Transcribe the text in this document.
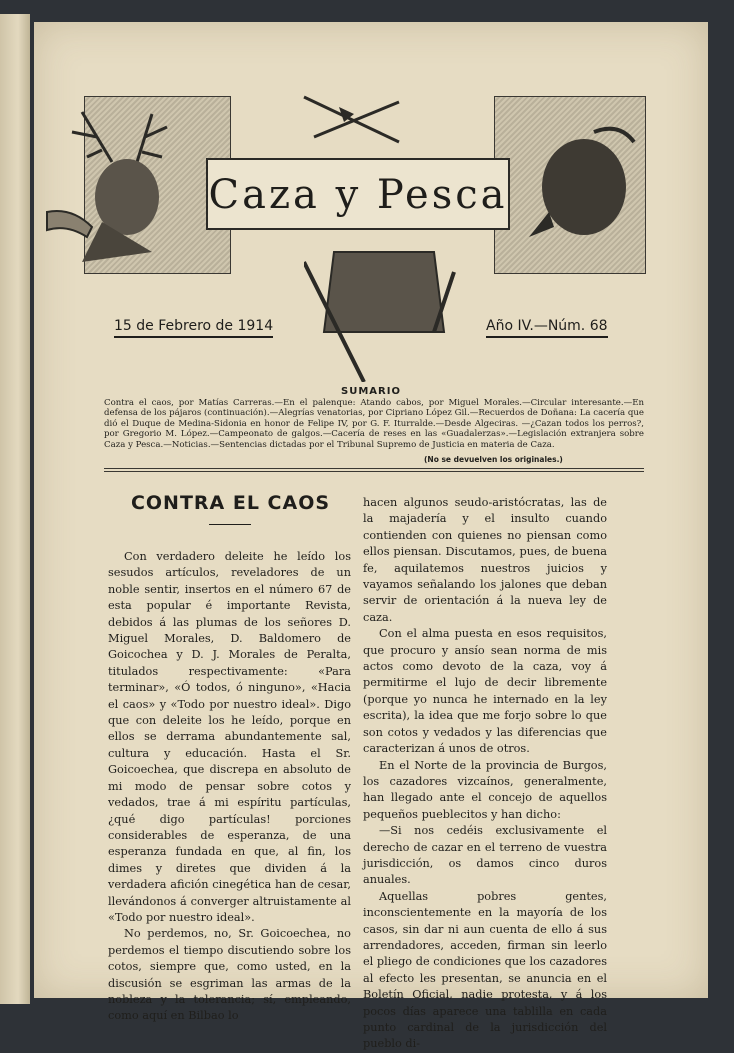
Caza y Pesca
15 de Febrero de 1914	Año IV.—Núm. 68
SUMARIO

Contra el caos, por Matías Carreras.—En el palenque: Atando cabos, por Miguel Morales.—Circular interesante.—En defensa de los pájaros (continuación).—Alegrías venatorias, por Cipriano López Gil.—Recuerdos de Doñana: La cacería que dió el Duque de Medina-Sidonia en honor de Felipe IV, por G. F. Iturralde.—Desde Algeciras. —¿Cazan todos los perros?, por Gregorio M. López.—Campeonato de galgos.—Cacería de reses en las «Guadalerzas».—Legislación extranjera sobre Caza y Pesca.—Noticias.—Sentencias dictadas por el Tribunal Supremo de Justicia en materia de Caza.

(No se devuelven los originales.)
CONTRA EL CAOS

Con verdadero deleite he leído los sesudos artículos, reveladores de un noble sentir, insertos en el número 67 de esta popular é importante Revista, debidos á las plumas de los señores D. Miguel Morales, D. Baldomero de Goicochea y D. J. Morales de Peralta, titulados respectivamente: «Para terminar», «Ó todos, ó ninguno», «Hacia el caos» y «Todo por nuestro ideal». Digo que con deleite los he leído, porque en ellos se derrama abundantemente sal, cultura y educación. Hasta el Sr. Goicoechea, que discrepa en absoluto de mi modo de pensar sobre cotos y vedados, trae á mi espíritu partículas, ¿qué digo partículas! porciones considerables de esperanza, de una esperanza fundada en que, al fin, los dimes y diretes que dividen á la verdadera afición cinegética han de cesar, llevándonos á converger altruistamente al «Todo por nuestro ideal».

No perdemos, no, Sr. Goicoechea, no perdemos el tiempo discutiendo sobre los cotos, siempre que, como usted, en la discusión se esgriman las armas de la nobleza y la tolerancia; sí, empleando, como aquí en Bilbao lo

hacen algunos seudo-aristócratas, las de la majadería y el insulto cuando contienden con quienes no piensan como ellos piensan. Discutamos, pues, de buena fe, aquilatemos nuestros juicios y vayamos señalando los jalones que deban servir de orientación á la nueva ley de caza.

Con el alma puesta en esos requisitos, que procuro y ansío sean norma de mis actos como devoto de la caza, voy á permitirme el lujo de decir libremente (porque yo nunca he internado en la ley escrita), la idea que me forjo sobre lo que son cotos y vedados y las diferencias que caracterizan á unos de otros.

En el Norte de la provincia de Burgos, los cazadores vizcaínos, generalmente, han llegado ante el concejo de aquellos pequeños pueblecitos y han dicho:

—Si nos cedéis exclusivamente el derecho de cazar en el terreno de vuestra jurisdicción, os damos cinco duros anuales.

Aquellas pobres gentes, inconscientemente en la mayoría de los casos, sin dar ni aun cuenta de ello á sus arrendadores, acceden, firman sin leerlo el pliego de condiciones que los cazadores al efecto les presentan, se anuncia en el Boletín Oficial, nadie protesta, y á los pocos días aparece una tablilla en cada punto cardinal de la jurisdicción del pueblo di-
